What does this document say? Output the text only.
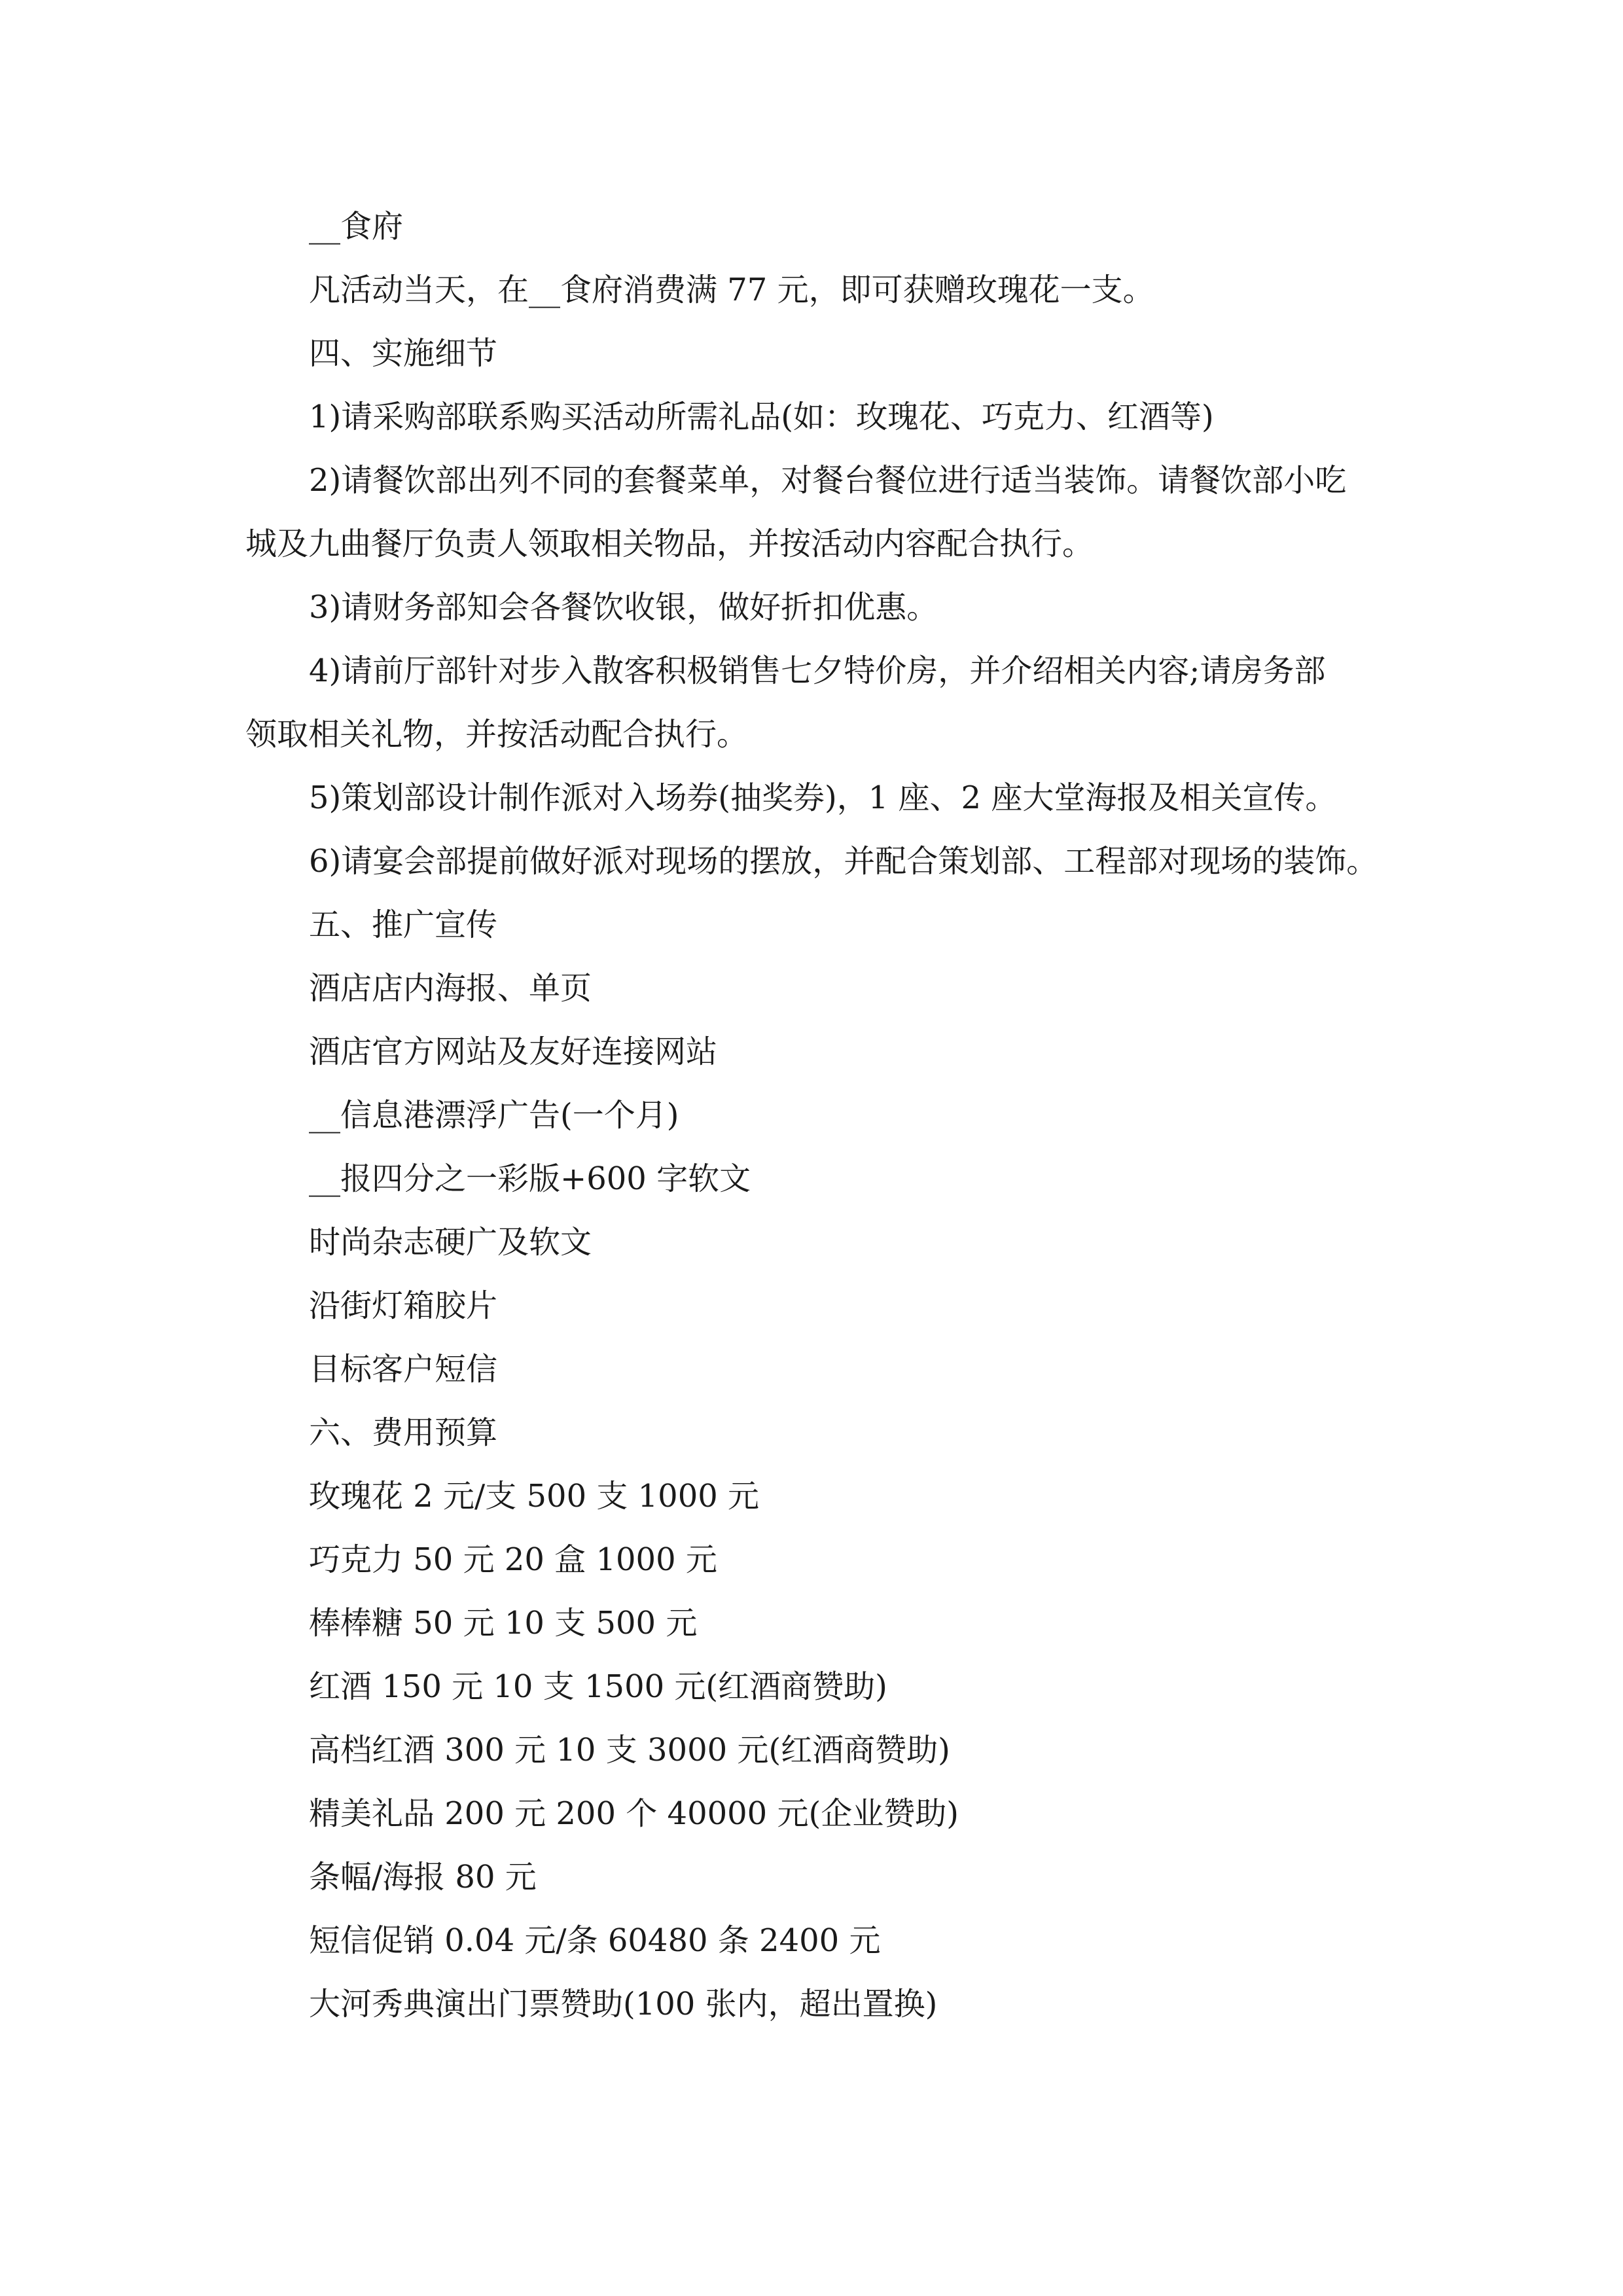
__食府

凡活动当天，在__食府消费满 77 元，即可获赠玫瑰花一支。

四、实施细节

1)请采购部联系购买活动所需礼品(如：玫瑰花、巧克力、红酒等)

2)请餐饮部出列不同的套餐菜单，对餐台餐位进行适当装饰。请餐饮部小吃

城及九曲餐厅负责人领取相关物品，并按活动内容配合执行。

3)请财务部知会各餐饮收银，做好折扣优惠。

4)请前厅部针对步入散客积极销售七夕特价房，并介绍相关内容;请房务部

领取相关礼物，并按活动配合执行。

5)策划部设计制作派对入场券(抽奖券)，1 座、2 座大堂海报及相关宣传。

6)请宴会部提前做好派对现场的摆放，并配合策划部、工程部对现场的装饰。

五、推广宣传

酒店店内海报、单页

酒店官方网站及友好连接网站

__信息港漂浮广告(一个月)

__报四分之一彩版+600 字软文

时尚杂志硬广及软文

沿街灯箱胶片

目标客户短信

六、费用预算

玫瑰花 2 元/支 500 支 1000 元

巧克力 50 元 20 盒 1000 元

棒棒糖 50 元 10 支 500 元

红酒 150 元 10 支 1500 元(红酒商赞助)

高档红酒 300 元 10 支 3000 元(红酒商赞助)

精美礼品 200 元 200 个 40000 元(企业赞助)

条幅/海报 80 元

短信促销 0.04 元/条 60480 条 2400 元

大河秀典演出门票赞助(100 张内，超出置换)
